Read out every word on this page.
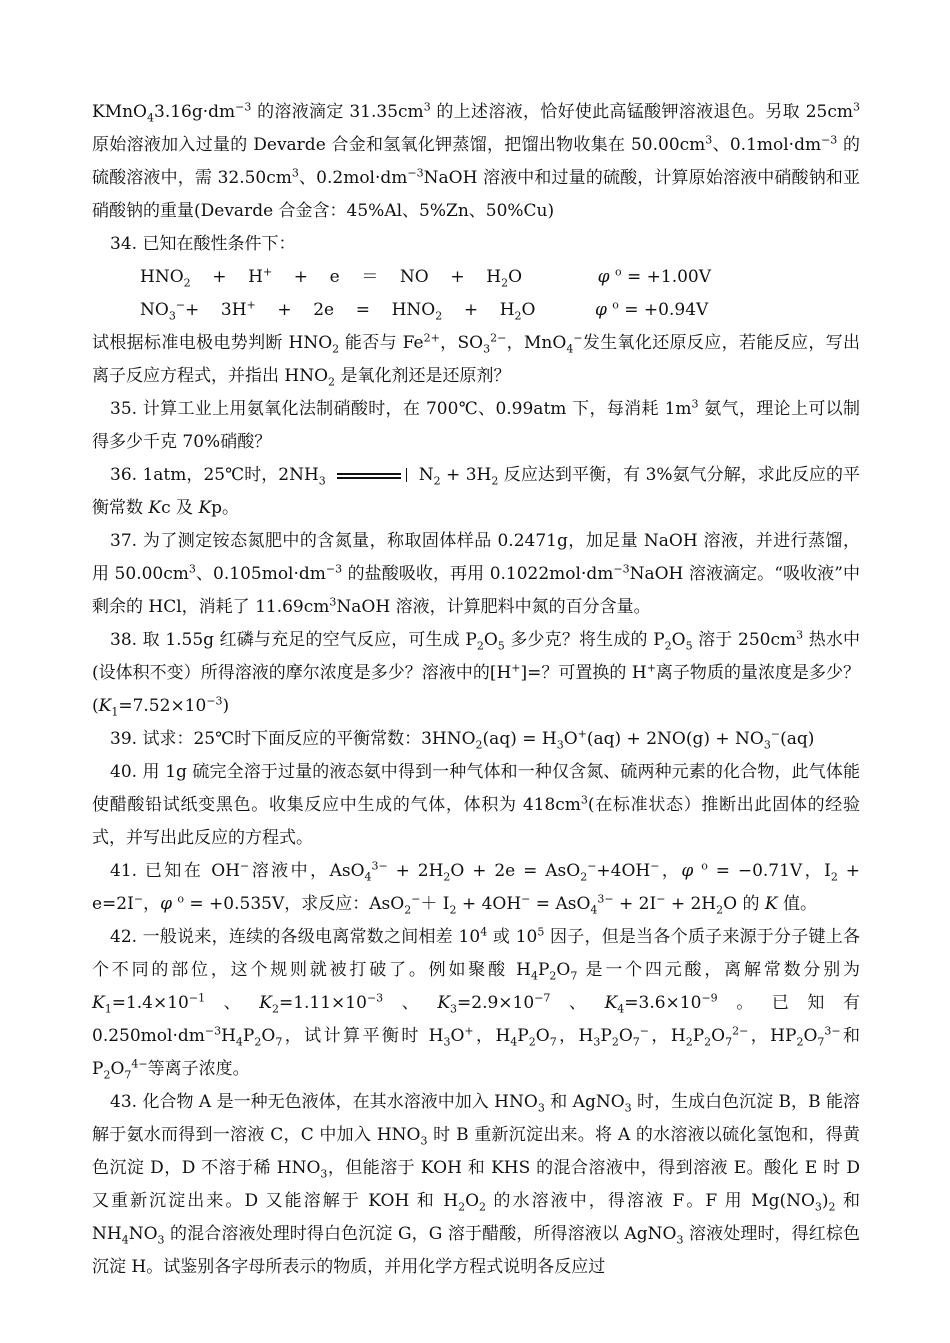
$KMnO_43.16g\cdot dm^{-3}$ 的溶液滴定 $31.35cm^3$ 的上述溶液，恰好使此高锰酸钾溶液退色。另取 $25cm^3$ 原始溶液加入过量的 Devarde 合金和氢氧化钾蒸馏，把馏出物收集在 $50.00cm^3$、$0.1mol\cdot dm^{-3}$ 的硫酸溶液中，需 $32.50cm^3$、$0.2mol\cdot dm^{-3}NaOH$ 溶液中和过量的硫酸，计算原始溶液中硝酸钠和亚硝酸钠的重量(Devarde 合金含：45%Al、5%Zn、50%Cu)

34. 已知在酸性条件下：

$HNO_2$    +    H+    +    e    ＝    NO    +    $H_2O$              φ $^o$ = +1.00V

$NO_3^-+$    3H+    +    2e    =    $HNO_2$    +    $H_2O$           φ $^o$ = +0.94V

试根据标准电极电势判断 $HNO_2$ 能否与 $Fe^{2+}$，$SO_3^{2-}$，MnO$_4$−发生氧化还原反应，若能反应，写出离子反应方程式，并指出 $HNO_2$ 是氧化剂还是还原剂？

35. 计算工业上用氨氧化法制硝酸时，在 700℃、0.99atm 下，每消耗 $1m^3$ 氨气，理论上可以制得多少千克 70%硝酸？

36. 1atm，25℃时，$2NH_3$	$N_2 + 3H_2$ 反应达到平衡，有 3%氨气分解，求此反应的平衡常数 Kc 及 Kp。

37. 为了测定铵态氮肥中的含氮量，称取固体样品 0.2471g，加足量 NaOH 溶液，并进行蒸馏，用 $50.00cm^3$、$0.105mol\cdot dm^{-3}$ 的盐酸吸收，再用 $0.1022mol\cdot dm^{-3}NaOH$ 溶液滴定。“吸收液”中剩余的 HCl，消耗了 $11.69cm^3NaOH$ 溶液，计算肥料中氮的百分含量。

38. 取 1.55g 红磷与充足的空气反应，可生成 $P_2O_5$ 多少克？将生成的 $P_2O_5$ 溶于 $250cm^3$ 热水中(设体积不变）所得溶液的摩尔浓度是多少？溶液中的[H+]=？可置换的 H+离子物质的量浓度是多少？$(K_1=7.52\times 10^{-3})$

39. 试求：25℃时下面反应的平衡常数：$3HNO_2(aq) = H_3O^+(aq) + 2NO(g) + NO_3^-(aq)$

40. 用 1g 硫完全溶于过量的液态氨中得到一种气体和一种仅含氮、硫两种元素的化合物，此气体能使醋酸铅试纸变黑色。收集反应中生成的气体，体积为 $418cm^3$(在标准状态）推断出此固体的经验式，并写出此反应的方程式。

41. 已知在 OH−溶液中，$AsO_4^{3-} + 2H_2O + 2e = AsO_2^-+4OH^-$，φ $^o$ = −0.71V，$I_2 + e=2I^-$，φ $^o$ = +0.535V，求反应：$AsO_2^-+ I_2 + 4OH^- = AsO_4^{3-} + 2I^- + 2H_2O$ 的 K 值。

42. 一般说来，连续的各级电离常数之间相差 $10^4$ 或 $10^5$ 因子，但是当各个质子来源于分子键上各个不同的部位，这个规则就被打破了。例如聚酸 $H_4P_2O_7$ 是一个四元酸，离解常数分别为 $K_1=1.4\times 10^{-1}$、$K_2=1.11\times 10^{-3}$、$K_3=2.9\times 10^{-7}$、$K_4=3.6\times 10^{-9}$。已知有 $0.250mol\cdot dm^{-3}H_4P_2O_7$，试计算平衡时 $H_3O^+$，$H_4P_2O_7$，$H_3P_2O_7^-$，$H_2P_2O_7^{2-}$，$HP_2O_7^{3-}$和 $P_2O_7^{4-}$等离子浓度。

43. 化合物 A 是一种无色液体，在其水溶液中加入 $HNO_3$ 和 AgNO$_3$ 时，生成白色沉淀 B，B 能溶解于氨水而得到一溶液 C，C 中加入 $HNO_3$ 时 B 重新沉淀出来。将 A 的水溶液以硫化氢饱和，得黄色沉淀 D，D 不溶于稀 $HNO_3$，但能溶于 KOH 和 KHS 的混合溶液中，得到溶液 E。酸化 E 时 D 又重新沉淀出来。D 又能溶解于 KOH 和 $H_2O_2$ 的水溶液中，得溶液 F。F 用 $Mg(NO_3)_2$ 和 $NH_4NO_3$ 的混合溶液处理时得白色沉淀 G，G 溶于醋酸，所得溶液以 AgNO$_3$ 溶液处理时，得红棕色沉淀 H。试鉴别各字母所表示的物质，并用化学方程式说明各反应过
